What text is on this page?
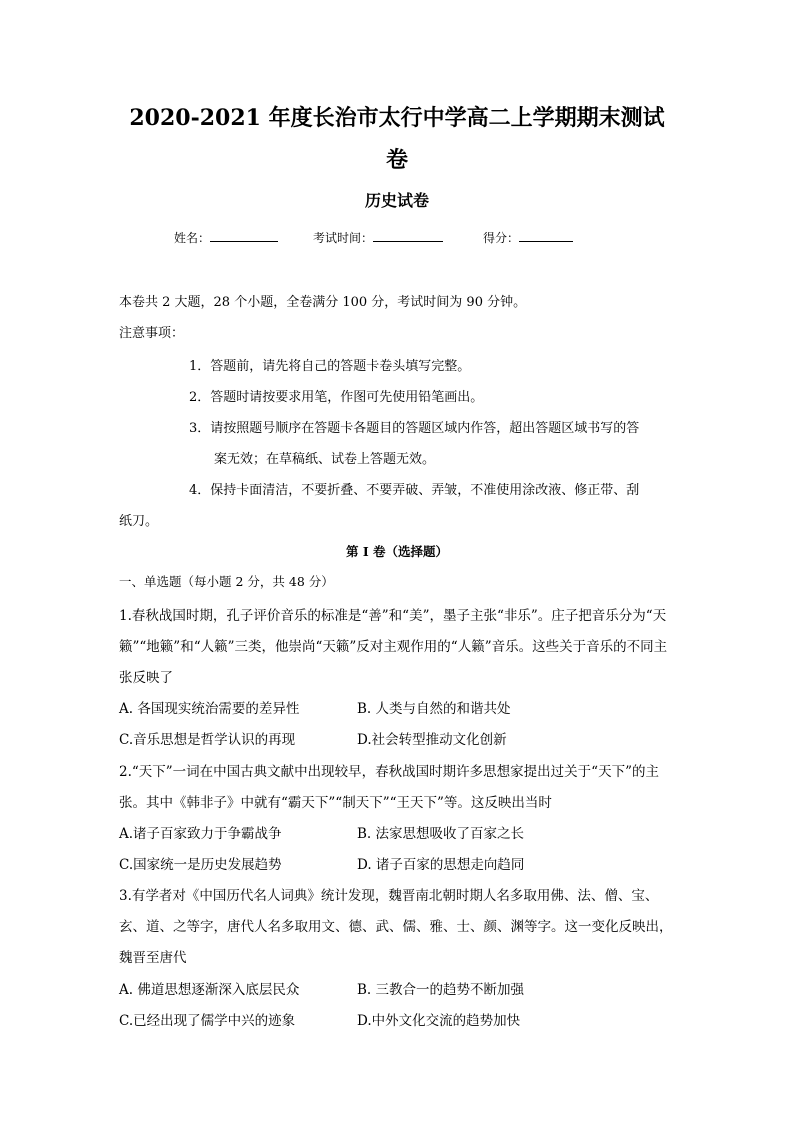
2020-2021 年度长治市太行中学高二上学期期末测试
卷
历史试卷
姓名：	考试时间：	得分：
本卷共 2 大题，28 个小题，全卷满分 100 分，考试时间为 90 分钟。
注意事项：
1．答题前，请先将自己的答题卡卷头填写完整。
2．答题时请按要求用笔，作图可先使用铅笔画出。
3．请按照题号顺序在答题卡各题目的答题区域内作答，超出答题区域书写的答
案无效；在草稿纸、试卷上答题无效。
4．保持卡面清洁，不要折叠、不要弄破、弄皱，不准使用涂改液、修正带、刮
纸刀。
第 I 卷（选择题）
一、单选题（每小题 2 分，共 48 分）
1.春秋战国时期，孔子评价音乐的标准是“善”和“美”，墨子主张“非乐”。庄子把音乐分为“天
籁”“地籁”和“人籁”三类，他崇尚“天籁”反对主观作用的“人籁”音乐。这些关于音乐的不同主
张反映了
A. 各国现实统治需要的差异性	B. 人类与自然的和谐共处
C.音乐思想是哲学认识的再现	D.社会转型推动文化创新
2.“天下”一词在中国古典文献中出现较早，春秋战国时期许多思想家提出过关于“天下”的主
张。其中《韩非子》中就有“霸天下”“制天下”“王天下”等。这反映出当时
A.诸子百家致力于争霸战争	B. 法家思想吸收了百家之长
C.国家统一是历史发展趋势	D. 诸子百家的思想走向趋同
3.有学者对《中国历代名人词典》统计发现，魏晋南北朝时期人名多取用佛、法、僧、宝、
玄、道、之等字，唐代人名多取用文、德、武、儒、雅、士、颜、渊等字。这一变化反映出，
魏晋至唐代
A. 佛道思想逐渐深入底层民众	B. 三教合一的趋势不断加强
C.已经出现了儒学中兴的迹象	D.中外文化交流的趋势加快
